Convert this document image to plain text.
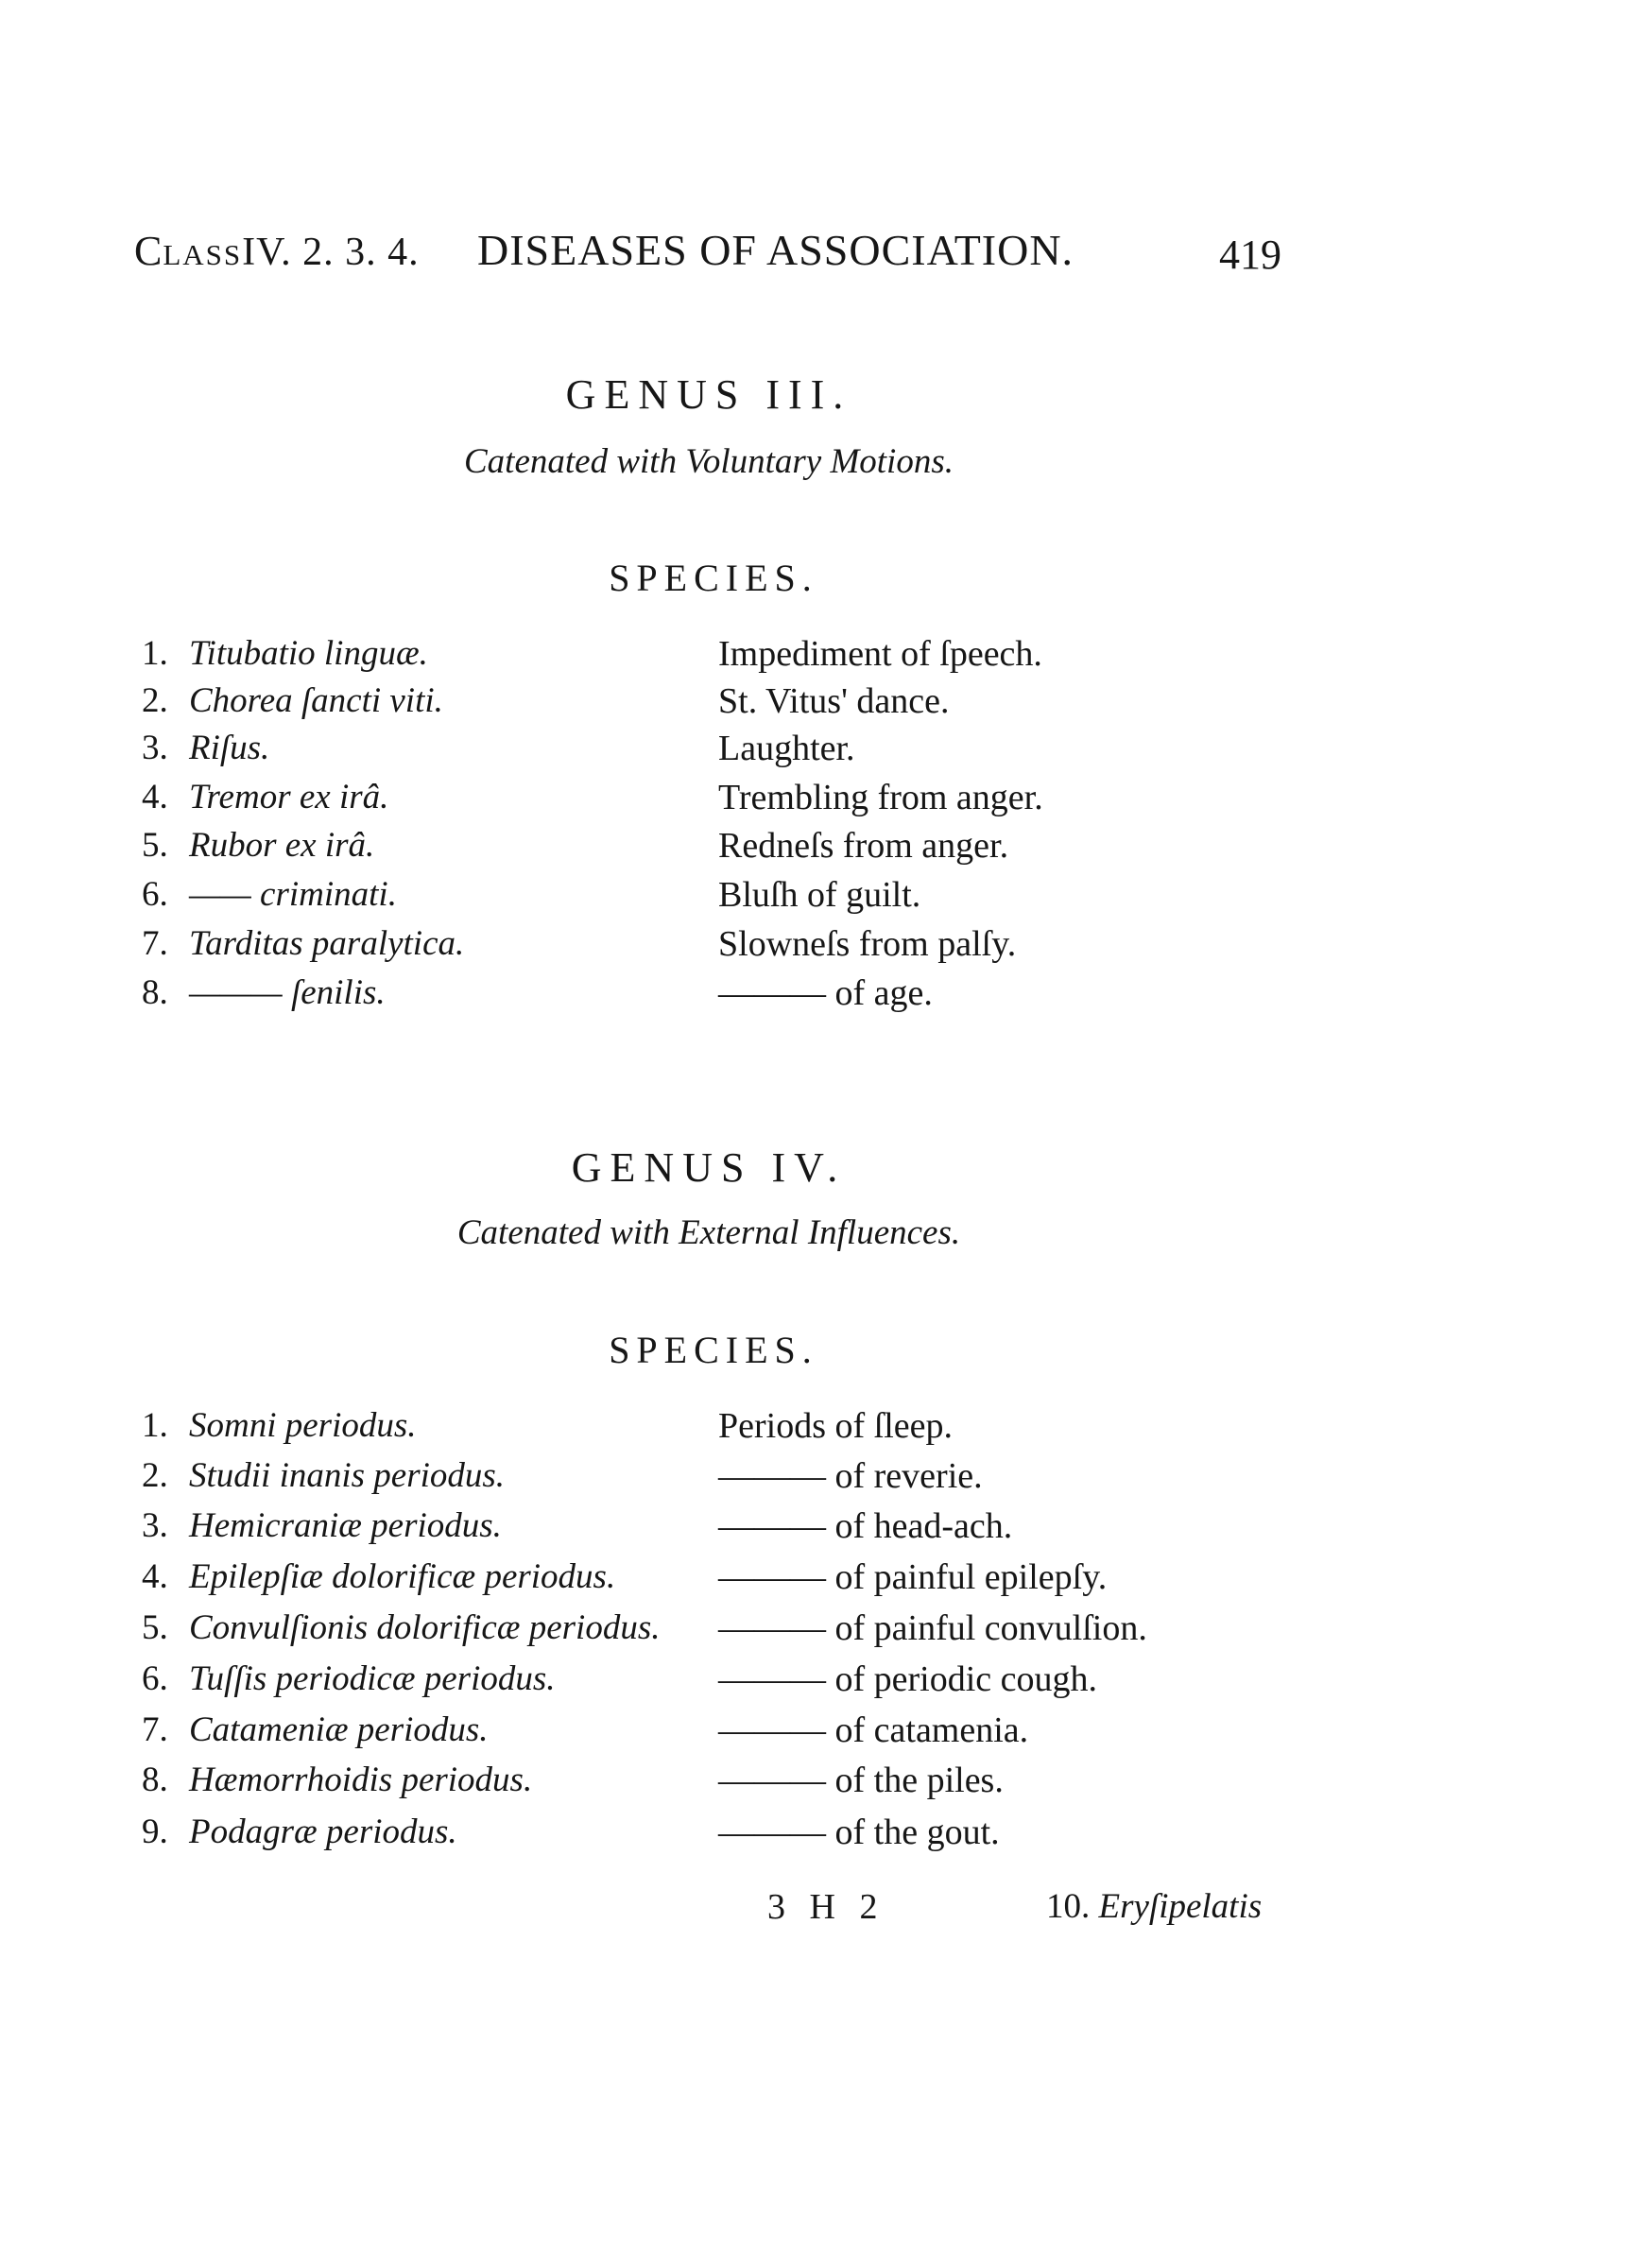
CLASSIV. 2. 3. 4. DISEASES OF ASSOCIATION.	419
GENUS III.
Catenated with Voluntary Motions.
SPECIES.
1. Titubatio linguæ.	Impediment of ſpeech.
2. Chorea ſancti viti.	St. Vitus' dance.
3. Riſus.	Laughter.
4. Tremor ex irâ.	Trembling from anger.
5. Rubor ex irâ.	Redneſs from anger.
6. —— criminati.	Bluſh of guilt.
7. Tarditas paralytica.	Slowneſs from palſy.
8. ——— ſenilis.	——— of age.
GENUS IV.
Catenated with External Influences.
SPECIES.
1. Somni periodus.	Periods of ſleep.
2. Studii inanis periodus.	——— of reverie.
3. Hemicraniæ periodus.	——— of head-ach.
4. Epilepſiæ dolorificæ periodus.	——— of painful epilepſy.
5. Convulſionis dolorificæ periodus. ——— of painful convulſion.
6. Tuſſis periodicæ periodus.	——— of periodic cough.
7. Catameniæ periodus.	——— of catamenia.
8. Hæmorrhoidis periodus.	——— of the piles.
9. Podagræ periodus.	——— of the gout.
3 H 2	10. Eryſipelatis
